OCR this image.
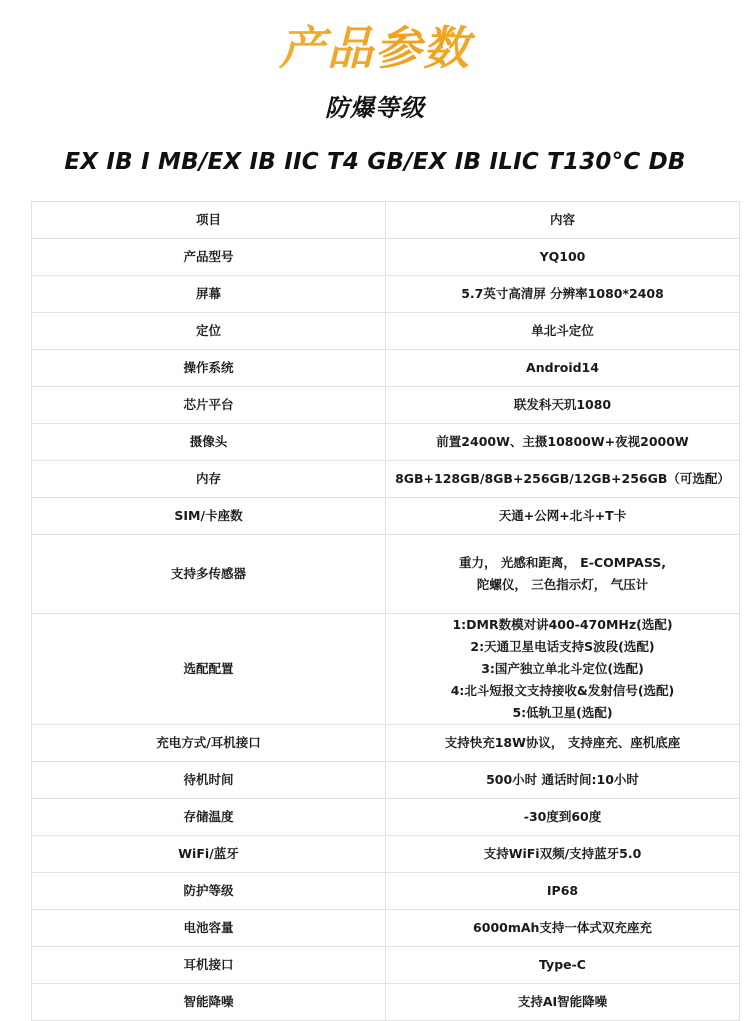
产品参数
防爆等级
EX IB I MB/EX IB IIC T4 GB/EX IB ILIC T130°C DB
项目	内容
产品型号	YQ100
屏幕	5.7英寸高清屏 分辨率1080*2408
定位	单北斗定位
操作系统	Android14
芯片平台	联发科天玑1080
摄像头	前置2400W、主摄10800W+夜视2000W
内存	8GB+128GB/8GB+256GB/12GB+256GB（可选配）
SIM/卡座数	天通+公网+北斗+T卡
支持多传感器	重力， 光感和距离， E-COMPASS,
陀螺仪， 三色指示灯， 气压计

选配配置	1:DMR数模对讲400-470MHz(选配)
2:天通卫星电话支持S波段(选配)
3:国产独立单北斗定位(选配)
4:北斗短报文支持接收&发射信号(选配)
5:低轨卫星(选配)

充电方式/耳机接口	支持快充18W协议， 支持座充、座机底座
待机时间	500小时 通话时间:10小时
存储温度	-30度到60度
WiFi/蓝牙	支持WiFi双频/支持蓝牙5.0
防护等级	IP68
电池容量	6000mAh支持一体式双充座充
耳机接口	Type-C
智能降噪	支持AI智能降噪
